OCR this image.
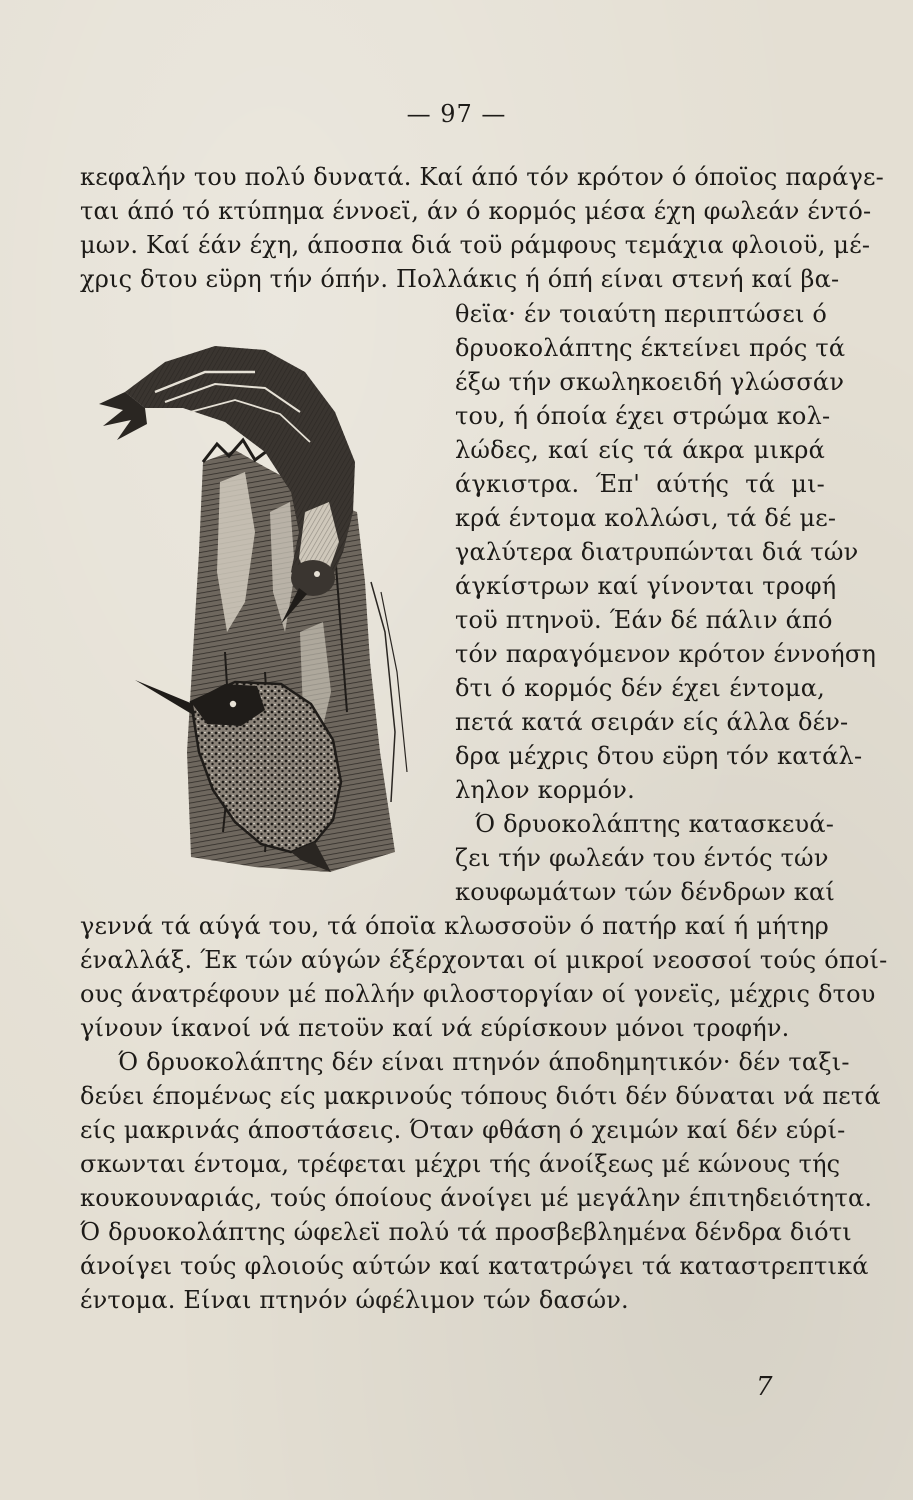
— 97 —
κεφαλήν του πολύ δυνατά. Καί άπό τόν κρότον ό όποϊος παράγε-
ται άπό τό κτύπημα έννοεϊ, άν ό κορμός μέσα έχη φωλεάν έντό-
μων. Καί έάν έχη, άποσπα διά τοϋ ράμφους τεμάχια φλοιοϋ, μέ-
χρις δτου εϋρη τήν όπήν. Πολλάκις ή όπή είναι στενή καί βα-
θεϊα· έν τοιαύτη περιπτώσει ό
δρυοκολάπτης έκτείνει πρός τά
έξω τήν σκωληκοειδή γλώσσάν
του, ή όποία έχει στρώμα κολ-
λώδες, καί είς τά άκρα μικρά
άγκιστρα. Έπ' αύτής τά μι-
κρά έντομα κολλώσι, τά δέ με-
γαλύτερα διατρυπώνται διά τών
άγκίστρων καί γίνονται τροφή
τοϋ πτηνοϋ. Έάν δέ πάλιν άπό
τόν παραγόμενον κρότον έννοήση
δτι ό κορμός δέν έχει έντομα,
πετά κατά σειράν είς άλλα δέν-
δρα μέχρις δτου εϋρη τόν κατάλ-
ληλον κορμόν.
Ό δρυοκολάπτης κατασκευά-
ζει τήν φωλεάν του έντός τών
κουφωμάτων τών δένδρων καί
γεννά τά αύγά του, τά όποϊα κλωσσοϋν ό πατήρ καί ή μήτηρ
έναλλάξ. Έκ τών αύγών έξέρχονται οί μικροί νεοσσοί τούς όποί-
ους άνατρέφουν μέ πολλήν φιλοστοργίαν οί γονεϊς, μέχρις δτου
γίνουν ίκανοί νά πετοϋν καί νά εύρίσκουν μόνοι τροφήν.
Ό δρυοκολάπτης δέν είναι πτηνόν άποδημητικόν· δέν ταξι-
δεύει έπομένως είς μακρινούς τόπους διότι δέν δύναται νά πετά
είς μακρινάς άποστάσεις. Όταν φθάση ό χειμών καί δέν εύρί-
σκωνται έντομα, τρέφεται μέχρι τής άνοίξεως μέ κώνους τής
κουκουναριάς, τούς όποίους άνοίγει μέ μεγάλην έπιτηδειότητα.
Ό δρυοκολάπτης ώφελεϊ πολύ τά προσβεβλημένα δένδρα διότι
άνοίγει τούς φλοιούς αύτών καί κατατρώγει τά καταστρεπτικά
έντομα. Είναι πτηνόν ώφέλιμον τών δασών.
7
